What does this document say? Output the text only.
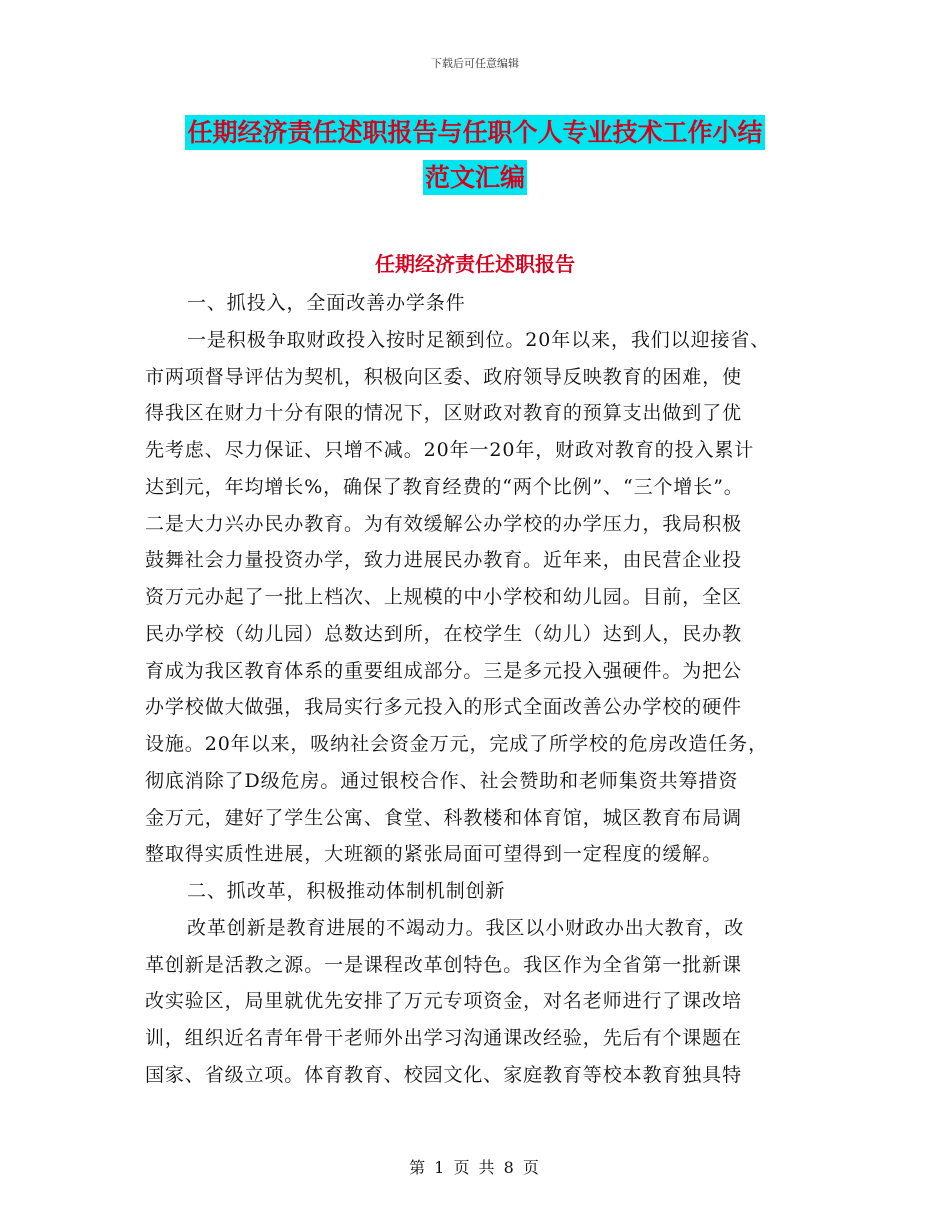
下载后可任意编辑
任期经济责任述职报告与任职个人专业技术工作小结
范文汇编
任期经济责任述职报告
一、抓投入，全面改善办学条件
一是积极争取财政投入按时足额到位。20年以来，我们以迎接省、
市两项督导评估为契机，积极向区委、政府领导反映教育的困难，使
得我区在财力十分有限的情况下，区财政对教育的预算支出做到了优
先考虑、尽力保证、只增不减。20年一20年，财政对教育的投入累计
达到元，年均增长%，确保了教育经费的“两个比例”、“三个增长”。
二是大力兴办民办教育。为有效缓解公办学校的办学压力，我局积极
鼓舞社会力量投资办学，致力进展民办教育。近年来，由民营企业投
资万元办起了一批上档次、上规模的中小学校和幼儿园。目前，全区
民办学校（幼儿园）总数达到所，在校学生（幼儿）达到人，民办教
育成为我区教育体系的重要组成部分。三是多元投入强硬件。为把公
办学校做大做强，我局实行多元投入的形式全面改善公办学校的硬件
设施。20年以来，吸纳社会资金万元，完成了所学校的危房改造任务，
彻底消除了D级危房。通过银校合作、社会赞助和老师集资共筹措资
金万元，建好了学生公寓、食堂、科教楼和体育馆，城区教育布局调
整取得实质性进展，大班额的紧张局面可望得到一定程度的缓解。
二、抓改革，积极推动体制机制创新
改革创新是教育进展的不竭动力。我区以小财政办出大教育，改
革创新是活教之源。一是课程改革创特色。我区作为全省第一批新课
改实验区，局里就优先安排了万元专项资金，对名老师进行了课改培
训，组织近名青年骨干老师外出学习沟通课改经验，先后有个课题在
国家、省级立项。体育教育、校园文化、家庭教育等校本教育独具特
第 1 页 共 8 页
